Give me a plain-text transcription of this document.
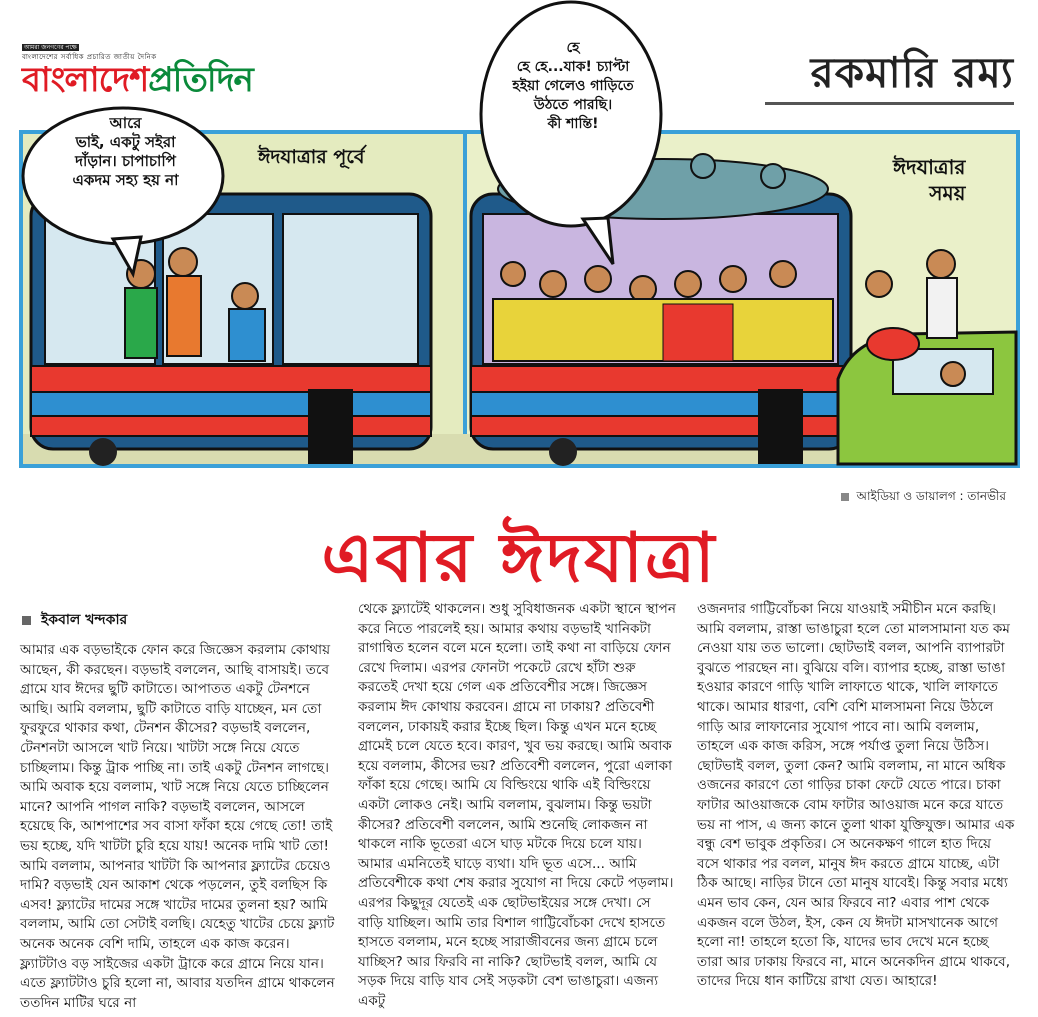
আমরা জনগণের পক্ষে
বাংলাদেশের সর্বাধিক প্রচারিত জাতীয় দৈনিক
বাংলাদেশপ্রতিদিন	রকমারি রম্য
আরে
ভাই, একটু সইরা
দাঁড়ান। চাপাচাপি
একদম সহ্য হয় না
হে
হে হে...যাক! চ্যাপ্টা
হইয়া গেলেও গাড়িতে
উঠতে পারছি।
কী শান্তি!
ঈদযাত্রার পূর্বে	ঈদযাত্রার
সময়
আইডিয়া ও ডায়ালগ : তানভীর
এবার ঈদযাত্রা
ইকবাল খন্দকার

আমার এক বড়ভাইকে ফোন করে জিজ্ঞেস করলাম কোথায় আছেন, কী করছেন। বড়ভাই বললেন, আছি বাসায়ই। তবে গ্রামে যাব ঈদের ছুটি কাটাতে। আপাতত একটু টেনশনে আছি। আমি বললাম, ছুটি কাটাতে বাড়ি যাচ্ছেন, মন তো ফুরফুরে থাকার কথা, টেনশন কীসের? বড়ভাই বললেন, টেনশনটা আসলে খাট নিয়ে। খাটটা সঙ্গে নিয়ে যেতে চাচ্ছিলাম। কিন্তু ট্রাক পাচ্ছি না। তাই একটু টেনশন লাগছে। আমি অবাক হয়ে বললাম, খাট সঙ্গে নিয়ে যেতে চাচ্ছিলেন মানে? আপনি পাগল নাকি? বড়ভাই বললেন, আসলে হয়েছে কি, আশপাশের সব বাসা ফাঁকা হয়ে গেছে তো! তাই ভয় হচ্ছে, যদি খাটটা চুরি হয়ে যায়! অনেক দামি খাট তো! আমি বললাম, আপনার খাটটা কি আপনার ফ্ল্যাটের চেয়েও দামি? বড়ভাই যেন আকাশ থেকে পড়লেন, তুই বলছিস কি এসব! ফ্ল্যাটের দামের সঙ্গে খাটের দামের তুলনা হয়? আমি বললাম, আমি তো সেটাই বলছি। যেহেতু খাটের চেয়ে ফ্ল্যাট অনেক অনেক বেশি দামি, তাহলে এক কাজ করেন। ফ্ল্যাটটাও বড় সাইজের একটা ট্রাকে করে গ্রামে নিয়ে যান। এতে ফ্ল্যাটটাও চুরি হলো না, আবার যতদিন গ্রামে থাকলেন ততদিন মাটির ঘরে না

থেকে ফ্ল্যাটেই থাকলেন। শুধু সুবিধাজনক একটা স্থানে স্থাপন করে নিতে পারলেই হয়। আমার কথায় বড়ভাই খানিকটা রাগান্বিত হলেন বলে মনে হলো। তাই কথা না বাড়িয়ে ফোন রেখে দিলাম। এরপর ফোনটা পকেটে রেখে হাঁটা শুরু করতেই দেখা হয়ে গেল এক প্রতিবেশীর সঙ্গে। জিজ্ঞেস করলাম ঈদ কোথায় করবেন। গ্রামে না ঢাকায়? প্রতিবেশী বললেন, ঢাকায়ই করার ইচ্ছে ছিল। কিন্তু এখন মনে হচ্ছে গ্রামেই চলে যেতে হবে। কারণ, খুব ভয় করছে। আমি অবাক হয়ে বললাম, কীসের ভয়? প্রতিবেশী বললেন, পুরো এলাকা ফাঁকা হয়ে গেছে। আমি যে বিল্ডিংয়ে থাকি এই বিল্ডিংয়ে একটা লোকও নেই। আমি বললাম, বুঝলাম। কিন্তু ভয়টা কীসের? প্রতিবেশী বললেন, আমি শুনেছি লোকজন না থাকলে নাকি ভূতেরা এসে ঘাড় মটকে দিয়ে চলে যায়। আমার এমনিতেই ঘাড়ে ব্যথা। যদি ভূত এসে... আমি প্রতিবেশীকে কথা শেষ করার সুযোগ না দিয়ে কেটে পড়লাম। এরপর কিছুদূর যেতেই এক ছোটভাইয়ের সঙ্গে দেখা। সে বাড়ি যাচ্ছিল। আমি তার বিশাল গাট্টিবোঁচকা দেখে হাসতে হাসতে বললাম, মনে হচ্ছে সারাজীবনের জন্য গ্রামে চলে যাচ্ছিস? আর ফিরবি না নাকি? ছোটভাই বলল, আমি যে সড়ক দিয়ে বাড়ি যাব সেই সড়কটা বেশ ভাঙাচুরা। এজন্য একটু

ওজনদার গাট্টিবোঁচকা নিয়ে যাওয়াই সমীচীন মনে করছি। আমি বললাম, রাস্তা ভাঙাচুরা হলে তো মালসামানা যত কম নেওয়া যায় তত ভালো। ছোটভাই বলল, আপনি ব্যাপারটা বুঝতে পারছেন না। বুঝিয়ে বলি। ব্যাপার হচ্ছে, রাস্তা ভাঙা হওয়ার কারণে গাড়ি খালি লাফাতে থাকে, খালি লাফাতে থাকে। আমার ধারণা, বেশি বেশি মালসামনা নিয়ে উঠলে গাড়ি আর লাফানোর সুযোগ পাবে না। আমি বললাম, তাহলে এক কাজ করিস, সঙ্গে পর্যাপ্ত তুলা নিয়ে উঠিস। ছোটভাই বলল, তুলা কেন? আমি বললাম, না মানে অধিক ওজনের কারণে তো গাড়ির চাকা ফেটে যেতে পারে। চাকা ফাটার আওয়াজকে বোম ফাটার আওয়াজ মনে করে যাতে ভয় না পাস, এ জন্য কানে তুলা থাকা যুক্তিযুক্ত। আমার এক বন্ধু বেশ ভাবুক প্রকৃতির। সে অনেকক্ষণ গালে হাত দিয়ে বসে থাকার পর বলল, মানুষ ঈদ করতে গ্রামে যাচ্ছে, এটা ঠিক আছে। নাড়ির টানে তো মানুষ যাবেই। কিন্তু সবার মধ্যে এমন ভাব কেন, যেন আর ফিরবে না? এবার পাশ থেকে একজন বলে উঠল, ইস, কেন যে ঈদটা মাসখানেক আগে হলো না! তাহলে হতো কি, যাদের ভাব দেখে মনে হচ্ছে তারা আর ঢাকায় ফিরবে না, মানে অনেকদিন গ্রামে থাকবে, তাদের দিয়ে ধান কাটিয়ে রাখা যেত। আহারে!
